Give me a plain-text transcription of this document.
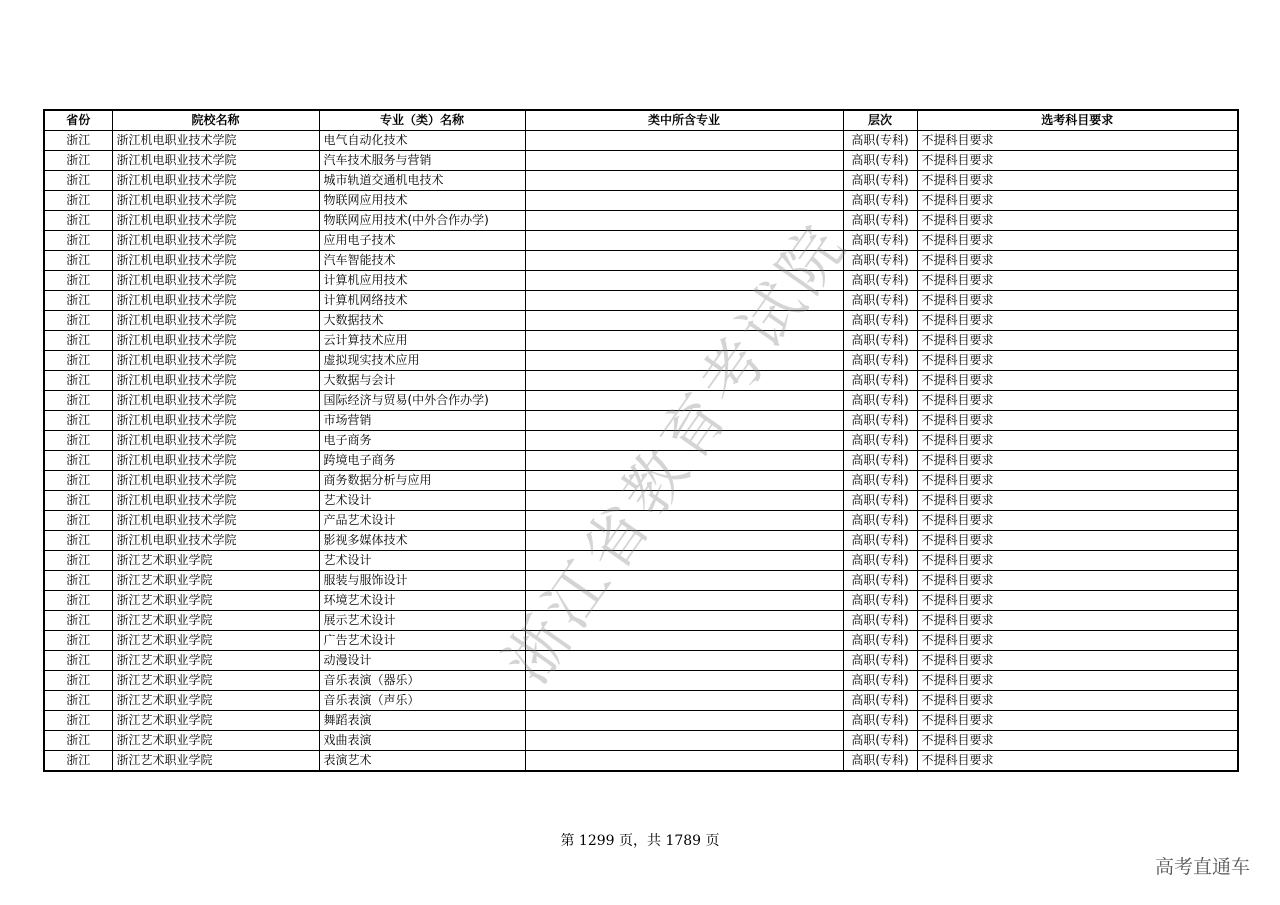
省份	院校名称	专业（类）名称	类中所含专业	层次	选考科目要求
浙江	浙江机电职业技术学院	电气自动化技术		高职(专科)	不提科目要求
浙江	浙江机电职业技术学院	汽车技术服务与营销		高职(专科)	不提科目要求
浙江	浙江机电职业技术学院	城市轨道交通机电技术		高职(专科)	不提科目要求
浙江	浙江机电职业技术学院	物联网应用技术		高职(专科)	不提科目要求
浙江	浙江机电职业技术学院	物联网应用技术(中外合作办学)		高职(专科)	不提科目要求
浙江	浙江机电职业技术学院	应用电子技术		高职(专科)	不提科目要求
浙江	浙江机电职业技术学院	汽车智能技术		高职(专科)	不提科目要求
浙江	浙江机电职业技术学院	计算机应用技术		高职(专科)	不提科目要求
浙江	浙江机电职业技术学院	计算机网络技术		高职(专科)	不提科目要求
浙江	浙江机电职业技术学院	大数据技术		高职(专科)	不提科目要求
浙江	浙江机电职业技术学院	云计算技术应用		高职(专科)	不提科目要求
浙江	浙江机电职业技术学院	虚拟现实技术应用		高职(专科)	不提科目要求
浙江	浙江机电职业技术学院	大数据与会计		高职(专科)	不提科目要求
浙江	浙江机电职业技术学院	国际经济与贸易(中外合作办学)		高职(专科)	不提科目要求
浙江	浙江机电职业技术学院	市场营销		高职(专科)	不提科目要求
浙江	浙江机电职业技术学院	电子商务		高职(专科)	不提科目要求
浙江	浙江机电职业技术学院	跨境电子商务		高职(专科)	不提科目要求
浙江	浙江机电职业技术学院	商务数据分析与应用		高职(专科)	不提科目要求
浙江	浙江机电职业技术学院	艺术设计		高职(专科)	不提科目要求
浙江	浙江机电职业技术学院	产品艺术设计		高职(专科)	不提科目要求
浙江	浙江机电职业技术学院	影视多媒体技术		高职(专科)	不提科目要求
浙江	浙江艺术职业学院	艺术设计		高职(专科)	不提科目要求
浙江	浙江艺术职业学院	服装与服饰设计		高职(专科)	不提科目要求
浙江	浙江艺术职业学院	环境艺术设计		高职(专科)	不提科目要求
浙江	浙江艺术职业学院	展示艺术设计		高职(专科)	不提科目要求
浙江	浙江艺术职业学院	广告艺术设计		高职(专科)	不提科目要求
浙江	浙江艺术职业学院	动漫设计		高职(专科)	不提科目要求
浙江	浙江艺术职业学院	音乐表演（器乐）		高职(专科)	不提科目要求
浙江	浙江艺术职业学院	音乐表演（声乐）		高职(专科)	不提科目要求
浙江	浙江艺术职业学院	舞蹈表演		高职(专科)	不提科目要求
浙江	浙江艺术职业学院	戏曲表演		高职(专科)	不提科目要求
浙江	浙江艺术职业学院	表演艺术		高职(专科)	不提科目要求
浙江省教育考试院
第 1299 页，共 1789 页
高考直通车
